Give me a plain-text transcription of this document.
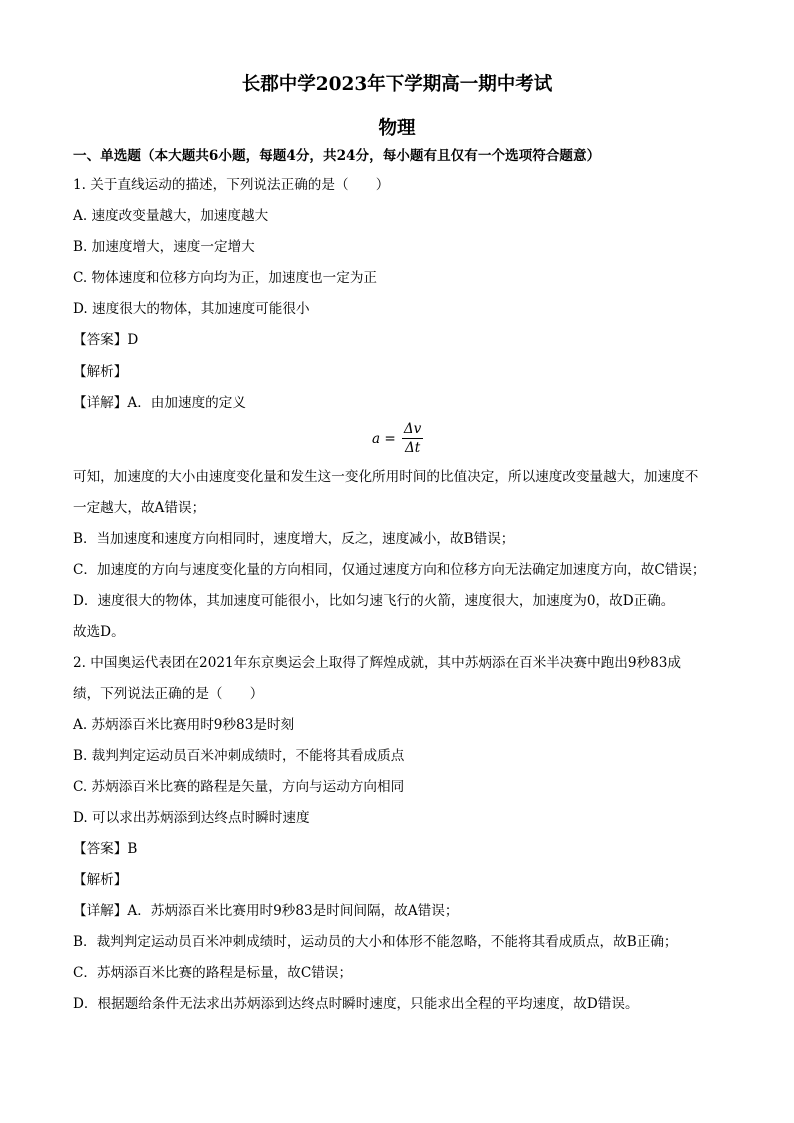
长郡中学2023年下学期高一期中考试
物理
一、单选题（本大题共6小题，每题4分，共24分，每小题有且仅有一个选项符合题意）
1. 关于直线运动的描述，下列说法正确的是（　　）
A. 速度改变量越大，加速度越大
B. 加速度增大，速度一定增大
C. 物体速度和位移方向均为正，加速度也一定为正
D. 速度很大的物体，其加速度可能很小
【答案】D
【解析】
【详解】A．由加速度的定义
$a = \frac{\Delta v}{\Delta t}$
可知，加速度的大小由速度变化量和发生这一变化所用时间的比值决定，所以速度改变量越大，加速度不
一定越大，故A错误；
B．当加速度和速度方向相同时，速度增大，反之，速度减小，故B错误；
C．加速度的方向与速度变化量的方向相同，仅通过速度方向和位移方向无法确定加速度方向，故C错误；
D．速度很大的物体，其加速度可能很小，比如匀速飞行的火箭，速度很大，加速度为0，故D正确。
故选D。
2. 中国奥运代表团在2021年东京奥运会上取得了辉煌成就，其中苏炳添在百米半决赛中跑出9秒83成
绩，下列说法正确的是（　　）
A. 苏炳添百米比赛用时9秒83是时刻
B. 裁判判定运动员百米冲刺成绩时，不能将其看成质点
C. 苏炳添百米比赛的路程是矢量，方向与运动方向相同
D. 可以求出苏炳添到达终点时瞬时速度
【答案】B
【解析】
【详解】A．苏炳添百米比赛用时9秒83是时间间隔，故A错误；
B．裁判判定运动员百米冲刺成绩时，运动员的大小和体形不能忽略，不能将其看成质点，故B正确；
C．苏炳添百米比赛的路程是标量，故C错误；
D．根据题给条件无法求出苏炳添到达终点时瞬时速度，只能求出全程的平均速度，故D错误。
